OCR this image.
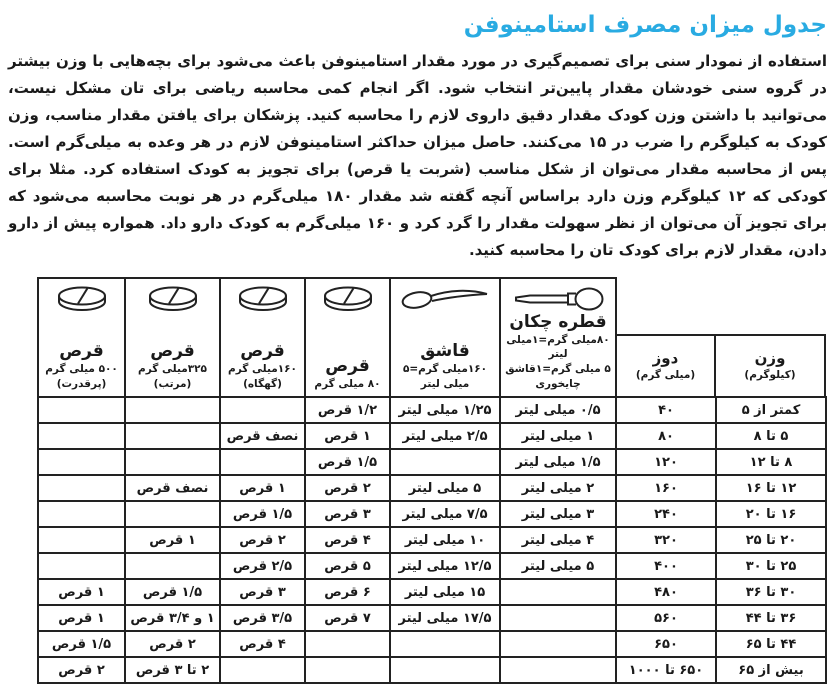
جدول میزان مصرف استامینوفن

استفاده از نمودار سنی برای تصمیم‌گیری در مورد مقدار استامینوفن باعث می‌شود برای بچه‌هایی با وزن بیشتر در گروه سنی خودشان مقدار پایین‌تر انتخاب شود. اگر انجام کمی محاسبه ریاضی برای تان مشکل نیست، می‌توانید با داشتن وزن کودک مقدار دقیق داروی لازم را محاسبه کنید. پزشکان برای یافتن مقدار مناسب، وزن کودک به کیلوگرم را ضرب در ۱۵ می‌کنند. حاصل میزان حداکثر استامینوفن لازم در هر وعده به میلی‌گرم است. پس از محاسبه مقدار می‌توان از شکل مناسب (شربت یا قرص) برای تجویز به کودک استفاده کرد. مثلا برای کودکی که ۱۲ کیلوگرم وزن دارد براساس آنچه گفته شد مقدار ۱۸۰ میلی‌گرم در هر نوبت محاسبه می‌شود که برای تجویز آن می‌توان از نظر سهولت مقدار را گرد کرد و ۱۶۰ میلی‌گرم به کودک دارو داد. همواره پیش از دارو دادن، مقدار لازم برای کودک تان را محاسبه کنید.

وزن
(کیلوگرم)

دوز
(میلی گرم)

قطره چکان
۸۰میلی گرم=۱میلی لیتر
۵ میلی گرم=۱قاشق
چایخوری

قاشق
۱۶۰میلی گرم=۵
میلی لیتر

قرص
۸۰ میلی گرم

قرص
۱۶۰میلی گرم
(گهگاه)

قرص
۳۲۵میلی گرم
(مرتب)

قرص
۵۰۰ میلی گرم
(پرقدرت)

کمتر از ۵	۴۰	۰/۵ میلی لیتر	۱/۲۵ میلی لیتر	۱/۲ قرص			
۵ تا ۸	۸۰	۱ میلی لیتر	۲/۵ میلی لیتر	۱ قرص	نصف قرص		
۸ تا ۱۲	۱۲۰	۱/۵ میلی لیتر		۱/۵ قرص			
۱۲ تا ۱۶	۱۶۰	۲ میلی لیتر	۵ میلی لیتر	۲ قرص	۱ قرص	نصف قرص	
۱۶ تا ۲۰	۲۴۰	۳ میلی لیتر	۷/۵ میلی لیتر	۳ قرص	۱/۵ قرص		
۲۰ تا ۲۵	۳۲۰	۴ میلی لیتر	۱۰ میلی لیتر	۴ قرص	۲ قرص	۱ قرص	
۲۵ تا ۳۰	۴۰۰	۵ میلی لیتر	۱۲/۵ میلی لیتر	۵ قرص	۲/۵ قرص		
۳۰ تا ۳۶	۴۸۰		۱۵ میلی لیتر	۶ قرص	۳ قرص	۱/۵ قرص	۱ قرص
۳۶ تا ۴۴	۵۶۰		۱۷/۵ میلی لیتر	۷ قرص	۳/۵ قرص	۱ و ۳/۴ قرص	۱ قرص
۴۴ تا ۶۵	۶۵۰				۴ قرص	۲ قرص	۱/۵ قرص
بیش از ۶۵	۶۵۰ تا ۱۰۰۰					۲ تا ۳ قرص	۲ قرص
